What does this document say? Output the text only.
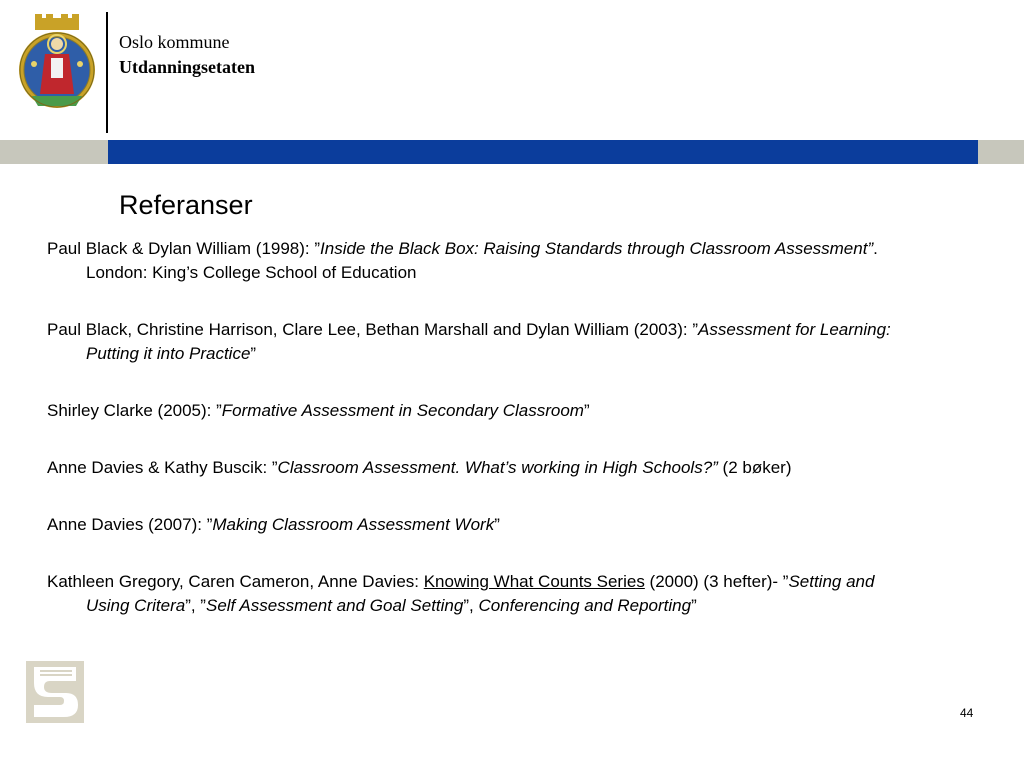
Oslo kommune
Utdanningsetaten
Referanser
Paul Black & Dylan William (1998): ”Inside the Black Box: Raising Standards through Classroom Assessment”. London: King’s College School of Education
Paul Black, Christine Harrison, Clare Lee, Bethan Marshall and Dylan William (2003): ”Assessment for Learning: Putting it into Practice”
Shirley Clarke (2005): ”Formative Assessment in Secondary Classroom”
Anne Davies & Kathy Buscik: ”Classroom Assessment. What’s working in High Schools?” (2 bøker)
Anne Davies (2007): ”Making Classroom Assessment Work”
Kathleen Gregory, Caren Cameron, Anne Davies: Knowing What Counts Series (2000) (3 hefter)- ”Setting and Using Critera”, ”Self Assessment and Goal Setting”, Conferencing and Reporting”
44
